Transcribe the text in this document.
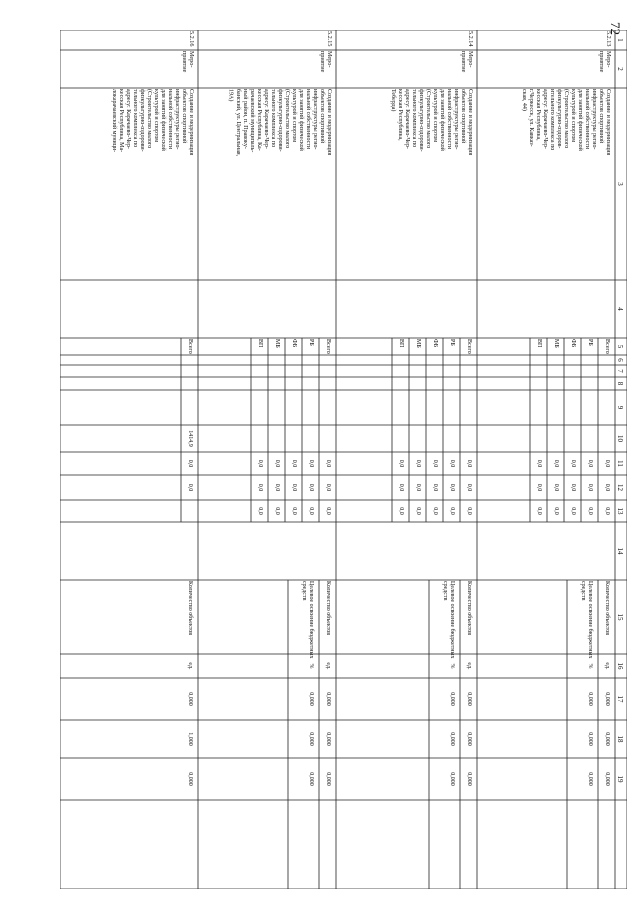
72
1
2
3
4
5
6
7
8
9
10
11
12
13
14
15
16
17
18
19
5.2.13
Меро-приятие
Создание и модернизацияобъектов спортивнойинфраструктуры регио-нальной собственностидля занятий физическойкультурой и спортом(Строительство малогофизкультурно-оздоров-ительного комплекса поадресу: Карачаево-Чер-кесская Республика,г.Черкесск, ул. Кавказ-ская, 44)
Всего
РБ
ФБ
МБ
ВП
0,0
0,0
0,0
0,0
0,0
0,0
0,0
0,0
0,0
0,0
0,0
0,0
0,0
0,0
0,0
Количество объектов
ед.
0,000
0,000
0,000
Целевое освоение бюджетныхсредств
%
0,000
0,000
0,000
5.2.14
Меро-приятие
Создание и модернизацияобъектов спортивнойинфраструктуры регио-нальной собственностидля занятий физическойкультурой и спортом(Строительство малогофизкультурно-оздорови-тельного комплекса поадресу: Карачаево-Чер-кесская Республика,Тебердa)
Всего
РБ
ФБ
МБ
ВП
0,0
0,0
0,0
0,0
0,0
0,0
0,0
0,0
0,0
0,0
0,0
0,0
0,0
0,0
0,0
Количество объектов
ед.
0,000
0,000
0,000
Целевое освоение бюджетныхсредств
%
0,000
0,000
0,000
5.2.15
Меро-приятие
Создание и модернизацияобъектов спортивнойинфраструктуры регио-нальной собственностидля занятий физическойкультурой и спортом(Строительство малогофизкультурно-оздорови-тельного комплекса поадресу: Карачаево-Чер-кесская Республика, Ка-рачаевский муниципаль-ный район, п. Правоку-банский, ул. Центральная,19А)
Всего
РБ
ФБ
МБ
ВП
0,0
0,0
0,0
0,0
0,0
0,0
0,0
0,0
0,0
0,0
0,0
0,0
0,0
0,0
0,0
Количество объектов
ед.
0,000
0,000
0,000
Целевое освоение бюджетныхсредств
%
0,000
0,000
0,000
5.2.16
Меро-приятие
Создание и модернизацияобъектов спортивнойинфраструктуры регио-нальной собственностидля занятий физическойкультурой и спортом(Строительство малогофизкультурно-оздорови-тельного комплекса поадресу: Карачаево-Чер-кесская Республика, Ма-локарачаевский муници-
Всего
1414,9
0,0
0,0
Количество объектов
ед.
0,000
1,000
0,000
